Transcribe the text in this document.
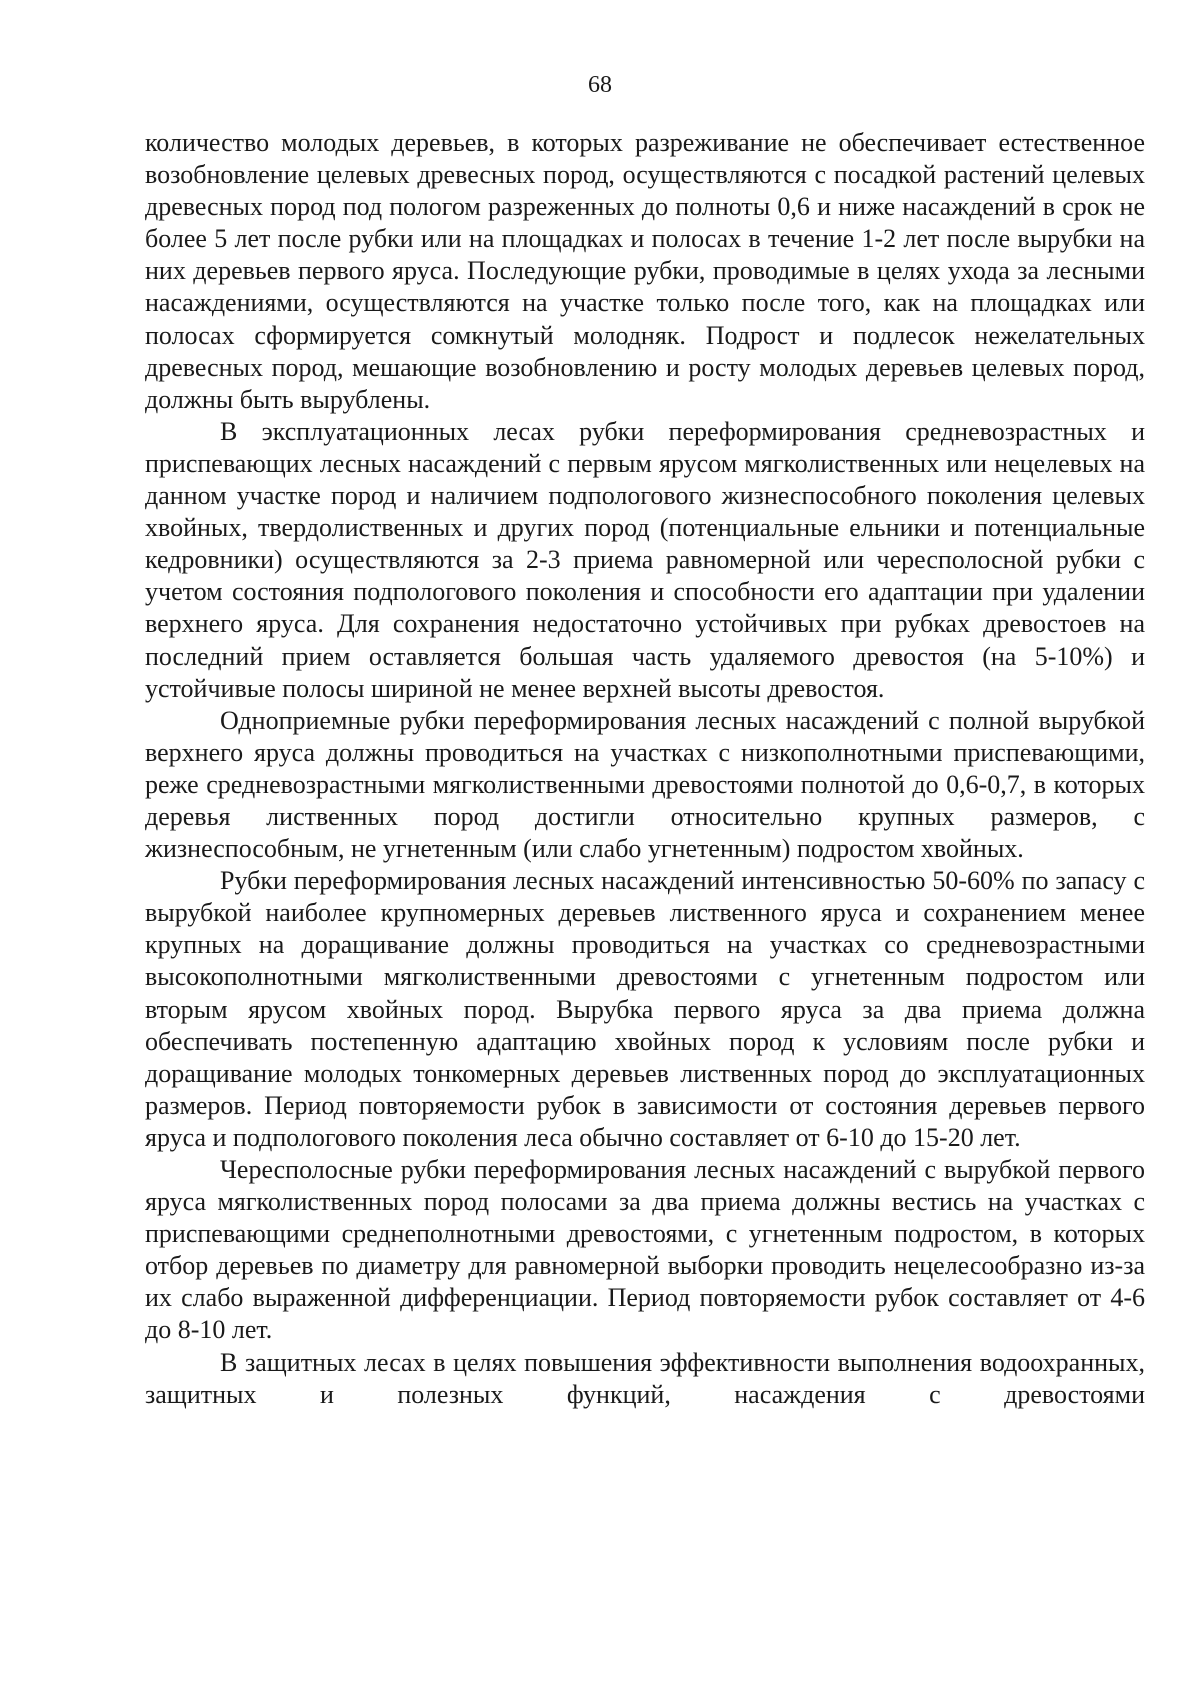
68

количество молодых деревьев, в которых разреживание не обеспечивает естественное возобновление целевых древесных пород, осуществляются с посадкой растений целевых древесных пород под пологом разреженных до полноты 0,6 и ниже насаждений в срок не более 5 лет после рубки или на площадках и полосах в течение 1-2 лет после вырубки на них деревьев первого яруса. Последующие рубки, проводимые в целях ухода за лесными насаждениями, осуществляются на участке только после того, как на площадках или полосах сформируется сомкнутый молодняк. Подрост и подлесок нежелательных древесных пород, мешающие возобновлению и росту молодых деревьев целевых пород, должны быть вырублены.

В эксплуатационных лесах рубки переформирования средневозрастных и приспевающих лесных насаждений с первым ярусом мягколиственных или нецелевых на данном участке пород и наличием подпологового жизнеспособного поколения целевых хвойных, твердолиственных и других пород (потенциальные ельники и потенциальные кедровники) осуществляются за 2-3 приема равномерной или чересполосной рубки с учетом состояния подпологового поколения и способности его адаптации при удалении верхнего яруса. Для сохранения недостаточно устойчивых при рубках древостоев на последний прием оставляется большая часть удаляемого древостоя (на 5-10%) и устойчивые полосы шириной не менее верхней высоты древостоя.

Одноприемные рубки переформирования лесных насаждений с полной вырубкой верхнего яруса должны проводиться на участках с низкополнотными приспевающими, реже средневозрастными мягколиственными древостоями полнотой до 0,6-0,7, в которых деревья лиственных пород достигли относительно крупных размеров, с жизнеспособным, не угнетенным (или слабо угнетенным) подростом хвойных.

Рубки переформирования лесных насаждений интенсивностью 50-60% по запасу с вырубкой наиболее крупномерных деревьев лиственного яруса и сохранением менее крупных на доращивание должны проводиться на участках со средневозрастными высокополнотными мягколиственными древостоями с угнетенным подростом или вторым ярусом хвойных пород. Вырубка первого яруса за два приема должна обеспечивать постепенную адаптацию хвойных пород к условиям после рубки и доращивание молодых тонкомерных деревьев лиственных пород до эксплуатационных размеров. Период повторяемости рубок в зависимости от состояния деревьев первого яруса и подпологового поколения леса обычно составляет от 6-10 до 15-20 лет.

Чересполосные рубки переформирования лесных насаждений с вырубкой первого яруса мягколиственных пород полосами за два приема должны вестись на участках с приспевающими среднеполнотными древостоями, с угнетенным подростом, в которых отбор деревьев по диаметру для равномерной выборки проводить нецелесообразно из-за их слабо выраженной дифференциации. Период повторяемости рубок составляет от 4-6 до 8-10 лет.

В защитных лесах в целях повышения эффективности выполнения водоохранных, защитных и полезных функций, насаждения с древостоями
